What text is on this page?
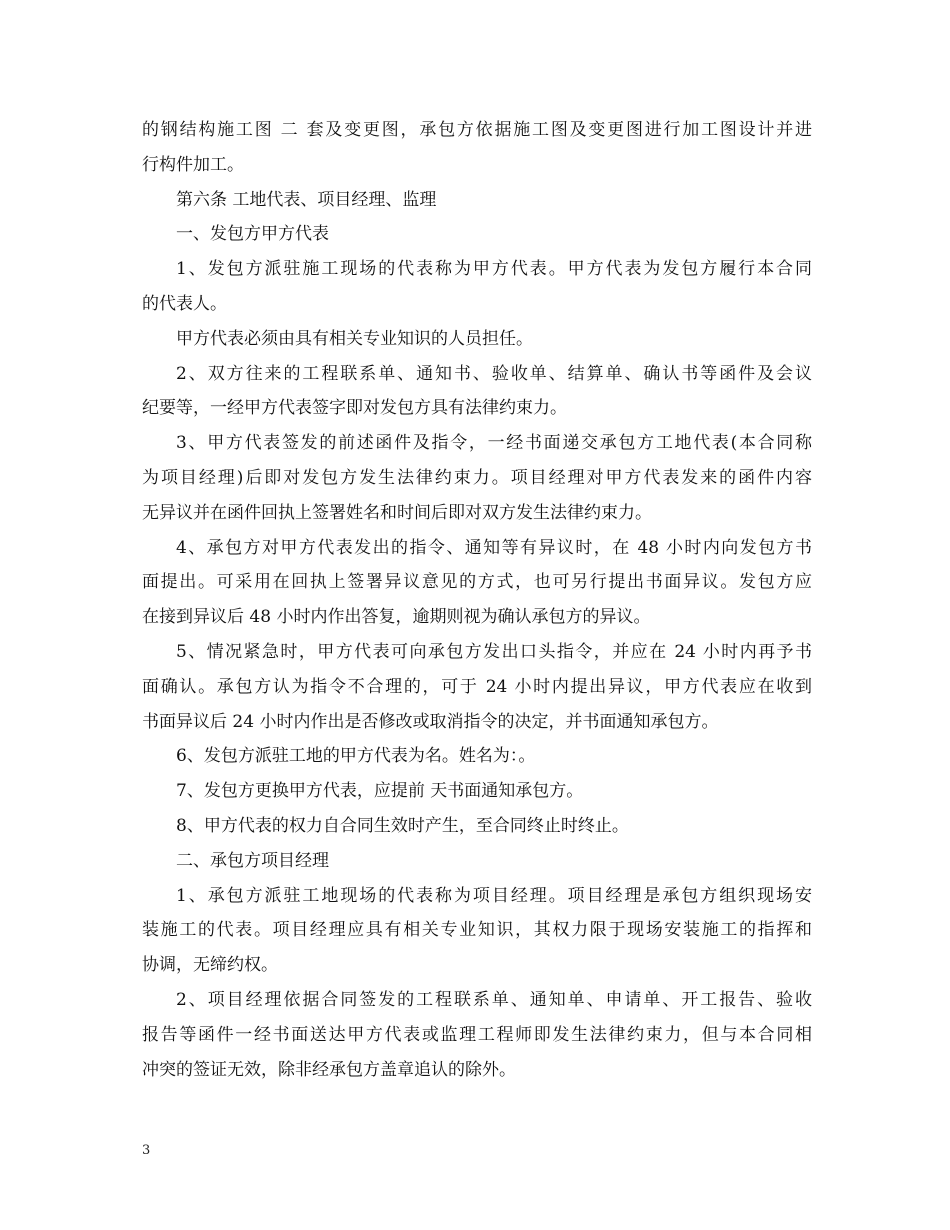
的钢结构施工图 二 套及变更图，承包方依据施工图及变更图进行加工图设计并进
行构件加工。
第六条 工地代表、项目经理、监理
一、发包方甲方代表
1、发包方派驻施工现场的代表称为甲方代表。甲方代表为发包方履行本合同
的代表人。
甲方代表必须由具有相关专业知识的人员担任。
2、双方往来的工程联系单、通知书、验收单、结算单、确认书等函件及会议
纪要等，一经甲方代表签字即对发包方具有法律约束力。
3、甲方代表签发的前述函件及指令，一经书面递交承包方工地代表(本合同称
为项目经理)后即对发包方发生法律约束力。项目经理对甲方代表发来的函件内容
无异议并在函件回执上签署姓名和时间后即对双方发生法律约束力。
4、承包方对甲方代表发出的指令、通知等有异议时，在 48 小时内向发包方书
面提出。可采用在回执上签署异议意见的方式，也可另行提出书面异议。发包方应
在接到异议后 48 小时内作出答复，逾期则视为确认承包方的异议。
5、情况紧急时，甲方代表可向承包方发出口头指令，并应在 24 小时内再予书
面确认。承包方认为指令不合理的，可于 24 小时内提出异议，甲方代表应在收到
书面异议后 24 小时内作出是否修改或取消指令的决定，并书面通知承包方。
6、发包方派驻工地的甲方代表为名。姓名为：。
7、发包方更换甲方代表，应提前 天书面通知承包方。
8、甲方代表的权力自合同生效时产生，至合同终止时终止。
二、承包方项目经理
1、承包方派驻工地现场的代表称为项目经理。项目经理是承包方组织现场安
装施工的代表。项目经理应具有相关专业知识，其权力限于现场安装施工的指挥和
协调，无缔约权。
2、项目经理依据合同签发的工程联系单、通知单、申请单、开工报告、验收
报告等函件一经书面送达甲方代表或监理工程师即发生法律约束力，但与本合同相
冲突的签证无效，除非经承包方盖章追认的除外。
3
